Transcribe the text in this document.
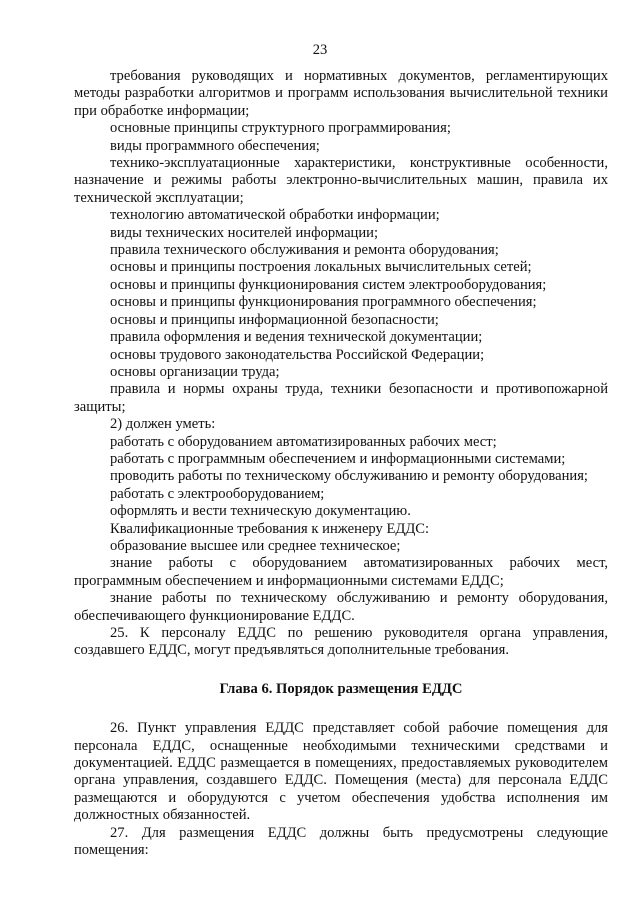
23

требования руководящих и нормативных документов, регламентирующих методы разработки алгоритмов и программ использования вычислительной техники при обработке информации;

основные принципы структурного программирования;

виды программного обеспечения;

технико-эксплуатационные характеристики, конструктивные особенности, назначение и режимы работы электронно-вычислительных машин, правила их технической эксплуатации;

технологию автоматической обработки информации;

виды технических носителей информации;

правила технического обслуживания и ремонта оборудования;

основы и принципы построения локальных вычислительных сетей;

основы и принципы функционирования систем электрооборудования;

основы и принципы функционирования программного обеспечения;

основы и принципы информационной безопасности;

правила оформления и ведения технической документации;

основы трудового законодательства Российской Федерации;

основы организации труда;

правила и нормы охраны труда, техники безопасности и противопожарной защиты;

2) должен уметь:

работать с оборудованием автоматизированных рабочих мест;

работать с программным обеспечением и информационными системами;

проводить работы по техническому обслуживанию и ремонту оборудования;

работать с электрооборудованием;

оформлять и вести техническую документацию.

Квалификационные требования к инженеру ЕДДС:

образование высшее или среднее техническое;

знание работы с оборудованием автоматизированных рабочих мест, программным обеспечением и информационными системами ЕДДС;

знание работы по техническому обслуживанию и ремонту оборудования, обеспечивающего функционирование ЕДДС.

25. К персоналу ЕДДС по решению руководителя органа управления, создавшего ЕДДС, могут предъявляться дополнительные требования.

Глава 6. Порядок размещения ЕДДС

26. Пункт управления ЕДДС представляет собой рабочие помещения для персонала ЕДДС, оснащенные необходимыми техническими средствами и документацией. ЕДДС размещается в помещениях, предоставляемых руководителем органа управления, создавшего ЕДДС. Помещения (места) для персонала ЕДДС размещаются и оборудуются с учетом обеспечения удобства исполнения им должностных обязанностей.

27. Для размещения ЕДДС должны быть предусмотрены следующие помещения:
